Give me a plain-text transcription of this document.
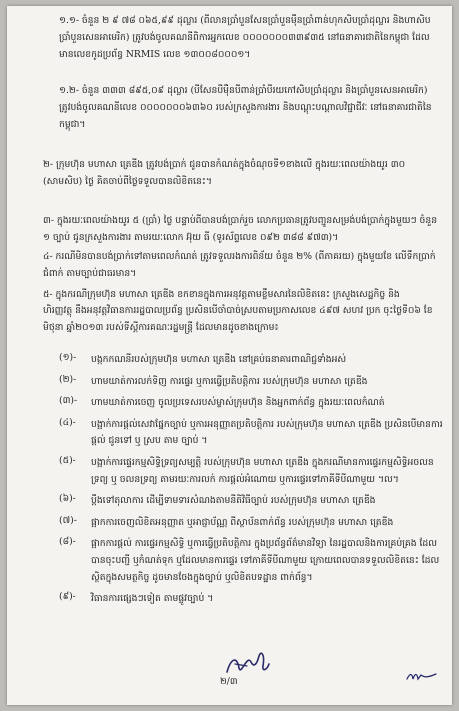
១.១- ចំនួន ២ ៩ ៧៨ ០៦៥,៩៩ ដុល្លារ (ពីលានប្រាំបួនសែនប្រាំបួនម៉ឺនប្រាំពាន់ហុកសិបប្រាំដុល្លារ និងហាសិបប្រាំបួនសេនអាមេរិក) ត្រូវបង់ចូលគណនីពិការអ្នកលេខ ០០០០០០០៣៣៩៣៥ នៅធនាគារជាតិនៃកម្ពុជា ដែលមានលេខកូដប្រព័ន្ធ NRMIS លេខ ១៣០០៨០០០១។
១.២- ចំនួន ៣៣៣ ៨៩៥,០៩ ដុល្លារ (បីសែនបីម៉ឺនបីពាន់ប្រាំបីរយកៅសិបប្រាំដុល្លារ និងប្រាំបួនសេនអាមេរិក) ត្រូវបង់ចូលគណនីលេខ ០០០០០០០៦៣៦០ របស់ក្រសួងការងារ និងបណ្តុះបណ្តាលវិជ្ជាជីវៈ នៅធនាគារជាតិនៃកម្ពុជា។
២- ក្រុមហ៊ុន មហាសា ត្រេឌីង ត្រូវបង់ប្រាក់ ជូនបានកំណត់ក្នុងចំណុចទី១ខាងលើ ក្នុងរយៈពេលយ៉ាងយូរ ៣០ (សាមសិប) ថ្ងៃ គិតចាប់ពីថ្ងៃទទួលបានលិខិតនេះ។
៣- ក្នុងរយៈពេលយ៉ាងយូរ ៥ (ប្រាំ) ថ្ងៃ បន្ទាប់ពីបានបង់ប្រាក់រួច លោកប្រធានត្រូវបញ្ជូនសម្រង់បង់ប្រាក់ក្នុងមួយៗ ចំនួន ១ ច្បាប់ ជូនក្រសួងការងារ តាមរយៈលោក អ៊ុយ ធី (ទូរស័ព្ទលេខ ០៩២ ៣៨៨ ៩៧៣)។
៤- ករណីមិនបានបង់ប្រាក់ទៅតាមពេលកំណត់ ត្រូវទទួលរងការពិន័យ ចំនួន ២% (ពីភាគរយ) ក្នុងមួយខែ លើទឹកប្រាក់ជំពាក់ តាមច្បាប់ជាធរមាន។
៥- ក្នុងករណីក្រុមហ៊ុន មហាសា ត្រេឌីង ខកខានក្នុងការអនុវត្តតាមខ្លឹមសារនៃលិខិតនេះ ក្រសួងសេដ្ឋកិច្ច និង
ហិរញ្ញវត្ថុ នឹងអនុវត្តវិធានការរដ្ឋបាលប្រព័ន្ធ ប្រសិនបើចាំបាច់ស្របតាមប្រកាសលេខ ៤៩៧ សហវ ប្រក ចុះថ្ងៃទី០៦ ខែមិថុនា ឆ្នាំ២០១៣ របស់ទីស្តីការគណៈរដ្ឋមន្ត្រី ដែលមានដូចខាងក្រោម៖
(១)-	បង្កកកណនីរបស់ក្រុមហ៊ុន មហាសា ត្រេឌីង នៅគ្រប់ធនាគារពាណិជ្ជទាំងអស់
(២)-	ហាមឃាត់ការលក់ទិញ ការផ្ទេរ ឬការធ្វើប្រតិបត្តិការ របស់ក្រុមហ៊ុន មហាសា ត្រេឌីង
(៣)-	ហាមឃាត់ការចេញ ចូលប្រទេសរបស់ម្ចាស់ក្រុមហ៊ុន និងអ្នកពាក់ព័ន្ធ ក្នុងរយៈពេលកំណត់
(៤)-	បង្អាក់ការផ្តល់សេវាផ្នែកច្បាប់ ឬការអនុញ្ញាតប្រតិបត្តិការ របស់ក្រុមហ៊ុន មហាសា ត្រេឌីង ប្រសិនបើមានការផ្តល់ ជូនទៅ ឬ ស្រប តាម ច្បាប់ ។
(៥)-	បង្អាក់ការផ្ទេរកម្មសិទ្ធិទ្រព្យសម្បត្តិ របស់ក្រុមហ៊ុន មហាសា ត្រេឌីង ក្នុងករណីមានការផ្ទេរកម្មសិទ្ធិអចលនទ្រព្យ ឬ ចលនទ្រព្យ តាមរយៈការលក់ ការផ្តល់អំណោយ ឬការផ្ទេរទៅភាគីទីបីណាមួយ ។ល។
(៦)-	ប្តឹងទៅតុលាការ ដើម្បីទាមទារសំណងតាមនីតិវិធីច្បាប់ របស់ក្រុមហ៊ុន មហាសា ត្រេឌីង
(៧)-	ផ្អាកការចេញលិខិតអនុញ្ញាត ឬអាជ្ញាប័ណ្ណ ពីស្ថាប័នពាក់ព័ន្ធ របស់ក្រុមហ៊ុន មហាសា ត្រេឌីង
(៨)-	ផ្អាកការផ្តល់ ការផ្ទេរកម្មសិទ្ធិ ឬការធ្វើប្រតិបត្តិការ ក្នុងប្រព័ន្ធព័ត៌មានវិទ្យា នៃរដ្ឋបាលនិងការគ្រប់គ្រង ដែលបានចុះបញ្ជី ឬកំណត់ទុក ឬដែលមានការផ្ទេរ ទៅភាគីទីបីណាមួយ ក្រោយពេលបានទទួលលិខិតនេះ ដែលស្ថិតក្នុងសមត្ថកិច្ច ដូចមានចែងក្នុងច្បាប់ ឬលិខិតបទដ្ឋាន ពាក់ព័ន្ធ។
(៩)-	វិធានការផ្សេងៗទៀត តាមផ្លូវច្បាប់ ។
២/៣
